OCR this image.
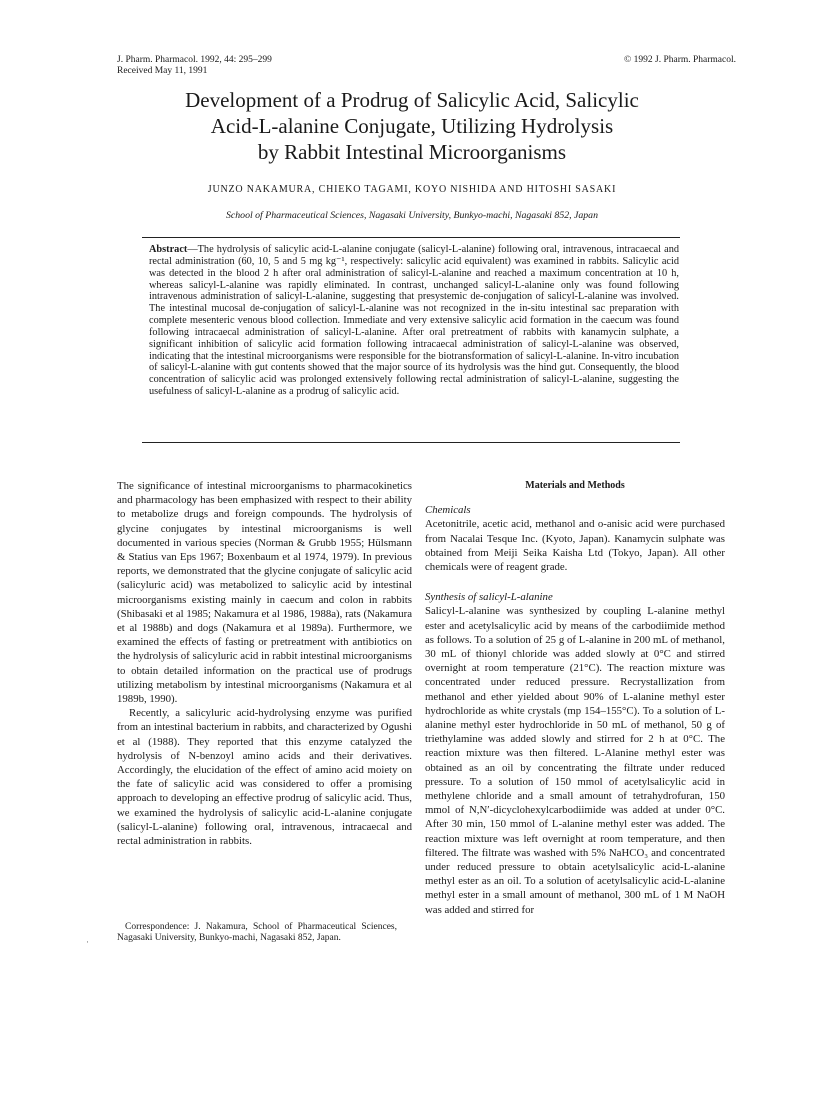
J. Pharm. Pharmacol. 1992, 44: 295–299
Received May 11, 1991
© 1992 J. Pharm. Pharmacol.
Development of a Prodrug of Salicylic Acid, Salicylic
Acid-L-alanine Conjugate, Utilizing Hydrolysis
by Rabbit Intestinal Microorganisms
JUNZO NAKAMURA, CHIEKO TAGAMI, KOYO NISHIDA AND HITOSHI SASAKI
School of Pharmaceutical Sciences, Nagasaki University, Bunkyo-machi, Nagasaki 852, Japan

Abstract—The hydrolysis of salicylic acid-L-alanine conjugate (salicyl-L-alanine) following oral, intravenous, intracaecal and rectal administration (60, 10, 5 and 5 mg kg⁻¹, respectively: salicylic acid equivalent) was examined in rabbits. Salicylic acid was detected in the blood 2 h after oral administration of salicyl-L-alanine and reached a maximum concentration at 10 h, whereas salicyl-L-alanine was rapidly eliminated. In contrast, unchanged salicyl-L-alanine only was found following intravenous administration of salicyl-L-alanine, suggesting that presystemic de-conjugation of salicyl-L-alanine was involved. The intestinal mucosal de-conjugation of salicyl-L-alanine was not recognized in the in-situ intestinal sac preparation with complete mesenteric venous blood collection. Immediate and very extensive salicylic acid formation in the caecum was found following intracaecal administration of salicyl-L-alanine. After oral pretreatment of rabbits with kanamycin sulphate, a significant inhibition of salicylic acid formation following intracaecal administration of salicyl-L-alanine was observed, indicating that the intestinal microorganisms were responsible for the biotransformation of salicyl-L-alanine. In-vitro incubation of salicyl-L-alanine with gut contents showed that the major source of its hydrolysis was the hind gut. Consequently, the blood concentration of salicylic acid was prolonged extensively following rectal administration of salicyl-L-alanine, suggesting the usefulness of salicyl-L-alanine as a prodrug of salicylic acid.

The significance of intestinal microorganisms to pharmacokinetics and pharmacology has been emphasized with respect to their ability to metabolize drugs and foreign compounds. The hydrolysis of glycine conjugates by intestinal microorganisms is well documented in various species (Norman & Grubb 1955; Hülsmann & Statius van Eps 1967; Boxenbaum et al 1974, 1979). In previous reports, we demonstrated that the glycine conjugate of salicylic acid (salicyluric acid) was metabolized to salicylic acid by intestinal microorganisms existing mainly in caecum and colon in rabbits (Shibasaki et al 1985; Nakamura et al 1986, 1988a), rats (Nakamura et al 1988b) and dogs (Nakamura et al 1989a). Furthermore, we examined the effects of fasting or pretreatment with antibiotics on the hydrolysis of salicyluric acid in rabbit intestinal microorganisms to obtain detailed information on the practical use of prodrugs utilizing metabolism by intestinal microorganisms (Nakamura et al 1989b, 1990).

Recently, a salicyluric acid-hydrolysing enzyme was purified from an intestinal bacterium in rabbits, and characterized by Ogushi et al (1988). They reported that this enzyme catalyzed the hydrolysis of N-benzoyl amino acids and their derivatives. Accordingly, the elucidation of the effect of amino acid moiety on the fate of salicylic acid was considered to offer a promising approach to developing an effective prodrug of salicylic acid. Thus, we examined the hydrolysis of salicylic acid-L-alanine conjugate (salicyl-L-alanine) following oral, intravenous, intracaecal and rectal administration in rabbits.

·

Correspondence: J. Nakamura, School of Pharmaceutical Sciences, Nagasaki University, Bunkyo-machi, Nagasaki 852, Japan.

Materials and Methods

Chemicals

Acetonitrile, acetic acid, methanol and o-anisic acid were purchased from Nacalai Tesque Inc. (Kyoto, Japan). Kanamycin sulphate was obtained from Meiji Seika Kaisha Ltd (Tokyo, Japan). All other chemicals were of reagent grade.

Synthesis of salicyl-L-alanine

Salicyl-L-alanine was synthesized by coupling L-alanine methyl ester and acetylsalicylic acid by means of the carbodiimide method as follows. To a solution of 25 g of L-alanine in 200 mL of methanol, 30 mL of thionyl chloride was added slowly at 0°C and stirred overnight at room temperature (21°C). The reaction mixture was concentrated under reduced pressure. Recrystallization from methanol and ether yielded about 90% of L-alanine methyl ester hydrochloride as white crystals (mp 154–155°C). To a solution of L-alanine methyl ester hydrochloride in 50 mL of methanol, 50 g of triethylamine was added slowly and stirred for 2 h at 0°C. The reaction mixture was then filtered. L-Alanine methyl ester was obtained as an oil by concentrating the filtrate under reduced pressure. To a solution of 150 mmol of acetylsalicylic acid in methylene chloride and a small amount of tetrahydrofuran, 150 mmol of N,N′-dicyclohexylcarbodiimide was added at under 0°C. After 30 min, 150 mmol of L-alanine methyl ester was added. The reaction mixture was left overnight at room temperature, and then filtered. The filtrate was washed with 5% NaHCO₃ and concentrated under reduced pressure to obtain acetylsalicylic acid-L-alanine methyl ester as an oil. To a solution of acetylsalicylic acid-L-alanine methyl ester in a small amount of methanol, 300 mL of 1 M NaOH was added and stirred for
